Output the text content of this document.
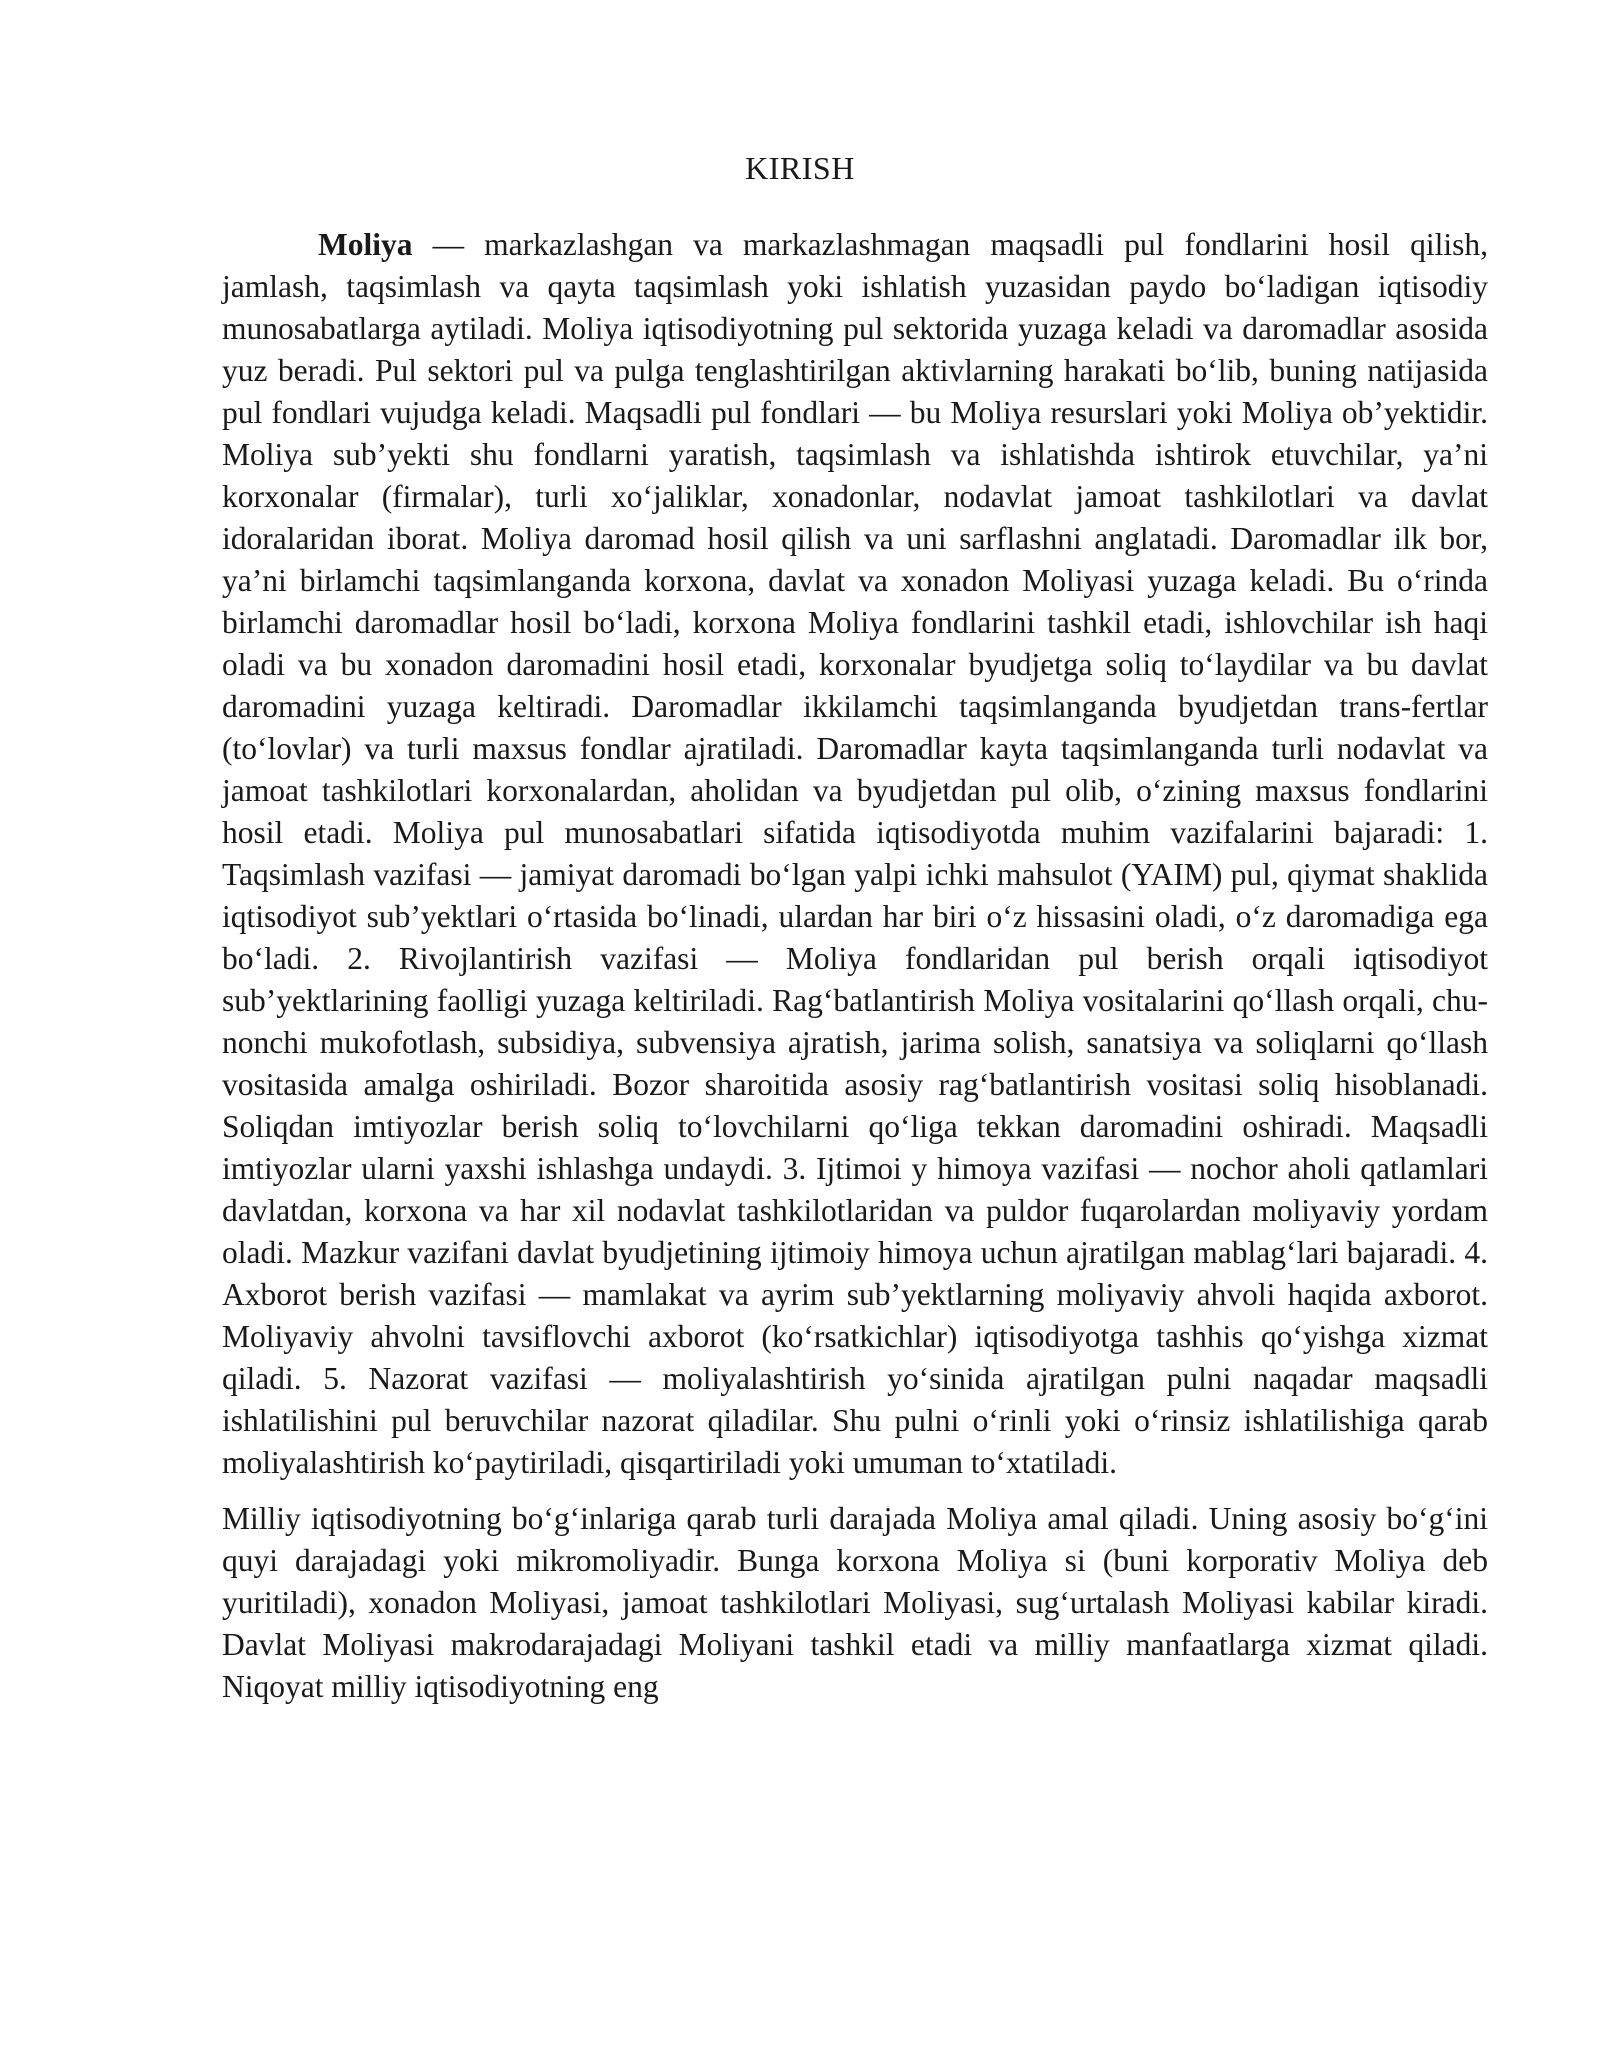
KIRISH

Moliya — markazlashgan va markazlashmagan maqsadli pul fondlarini hosil qilish, jamlash, taqsimlash va qayta taqsimlash yoki ishlatish yuzasidan paydo bo‘ladigan iqtisodiy munosabatlarga aytiladi. Moliya iqtisodiyotning pul sektorida yuzaga keladi va daromadlar asosida yuz beradi. Pul sektori pul va pulga tenglashtirilgan aktivlarning harakati bo‘lib, buning natijasida pul fondlari vujudga keladi. Maqsadli pul fondlari — bu Moliya resurslari yoki Moliya ob’yektidir. Moliya sub’yekti shu fondlarni yaratish, taqsimlash va ishlatishda ishtirok etuvchilar, ya’ni korxonalar (firmalar), turli xo‘jaliklar, xonadonlar, nodavlat jamoat tashkilotlari va davlat idoralaridan iborat. Moliya daromad hosil qilish va uni sarflashni anglatadi. Daromadlar ilk bor, ya’ni birlamchi taqsimlanganda korxona, davlat va xonadon Moliyasi yuzaga keladi. Bu o‘rinda birlamchi daromadlar hosil bo‘ladi, korxona Moliya fondlarini tashkil etadi, ishlovchilar ish haqi oladi va bu xonadon daromadini hosil etadi, korxonalar byudjetga soliq to‘laydilar va bu davlat daromadini yuzaga keltiradi. Daromadlar ikkilamchi taqsimlanganda byudjetdan trans-fertlar (to‘lovlar) va turli maxsus fondlar ajratiladi. Daromadlar kayta taqsimlanganda turli nodavlat va jamoat tashkilotlari korxonalardan, aholidan va byudjetdan pul olib, o‘zining maxsus fondlarini hosil etadi. Moliya pul munosabatlari sifatida iqtisodiyotda muhim vazifalarini bajaradi: 1. Taqsimlash vazifasi — jamiyat daromadi bo‘lgan yalpi ichki mahsulot (YAIM) pul, qiymat shaklida iqtisodiyot sub’yektlari o‘rtasida bo‘linadi, ulardan har biri o‘z hissasini oladi, o‘z daromadiga ega bo‘ladi. 2. Rivojlantirish vazifasi — Moliya fondlaridan pul berish orqali iqtisodiyot sub’yektlarining faolligi yuzaga keltiriladi. Rag‘batlantirish Moliya vositalarini qo‘llash orqali, chu-nonchi mukofotlash, subsidiya, subvensiya ajratish, jarima solish, sanatsiya va soliqlarni qo‘llash vositasida amalga oshiriladi. Bozor sharoitida asosiy rag‘batlantirish vositasi soliq hisoblanadi. Soliqdan imtiyozlar berish soliq to‘lovchilarni qo‘liga tekkan daromadini oshiradi. Maqsadli imtiyozlar ularni yaxshi ishlashga undaydi. 3. Ijtimoi y himoya vazifasi — nochor aholi qatlamlari davlatdan, korxona va har xil nodavlat tashkilotlaridan va puldor fuqarolardan moliyaviy yordam oladi. Mazkur vazifani davlat byudjetining ijtimoiy himoya uchun ajratilgan mablag‘lari bajaradi. 4. Axborot berish vazifasi — mamlakat va ayrim sub’yektlarning moliyaviy ahvoli haqida axborot. Moliyaviy ahvolni tavsiflovchi axborot (ko‘rsatkichlar) iqtisodiyotga tashhis qo‘yishga xizmat qiladi. 5. Nazorat vazifasi — moliyalashtirish yo‘sinida ajratilgan pulni naqadar maqsadli ishlatilishini pul beruvchilar nazorat qiladilar. Shu pulni o‘rinli yoki o‘rinsiz ishlatilishiga qarab moliyalashtirish ko‘paytiriladi, qisqartiriladi yoki umuman to‘xtatiladi.

Milliy iqtisodiyotning bo‘g‘inlariga qarab turli darajada Moliya amal qiladi. Uning asosiy bo‘g‘ini quyi darajadagi yoki mikromoliyadir. Bunga korxona Moliya si (buni korporativ Moliya deb yuritiladi), xonadon Moliyasi, jamoat tashkilotlari Moliyasi, sug‘urtalash Moliyasi kabilar kiradi. Davlat Moliyasi makrodarajadagi Moliyani tashkil etadi va milliy manfaatlarga xizmat qiladi. Niqoyat milliy iqtisodiyotning eng
